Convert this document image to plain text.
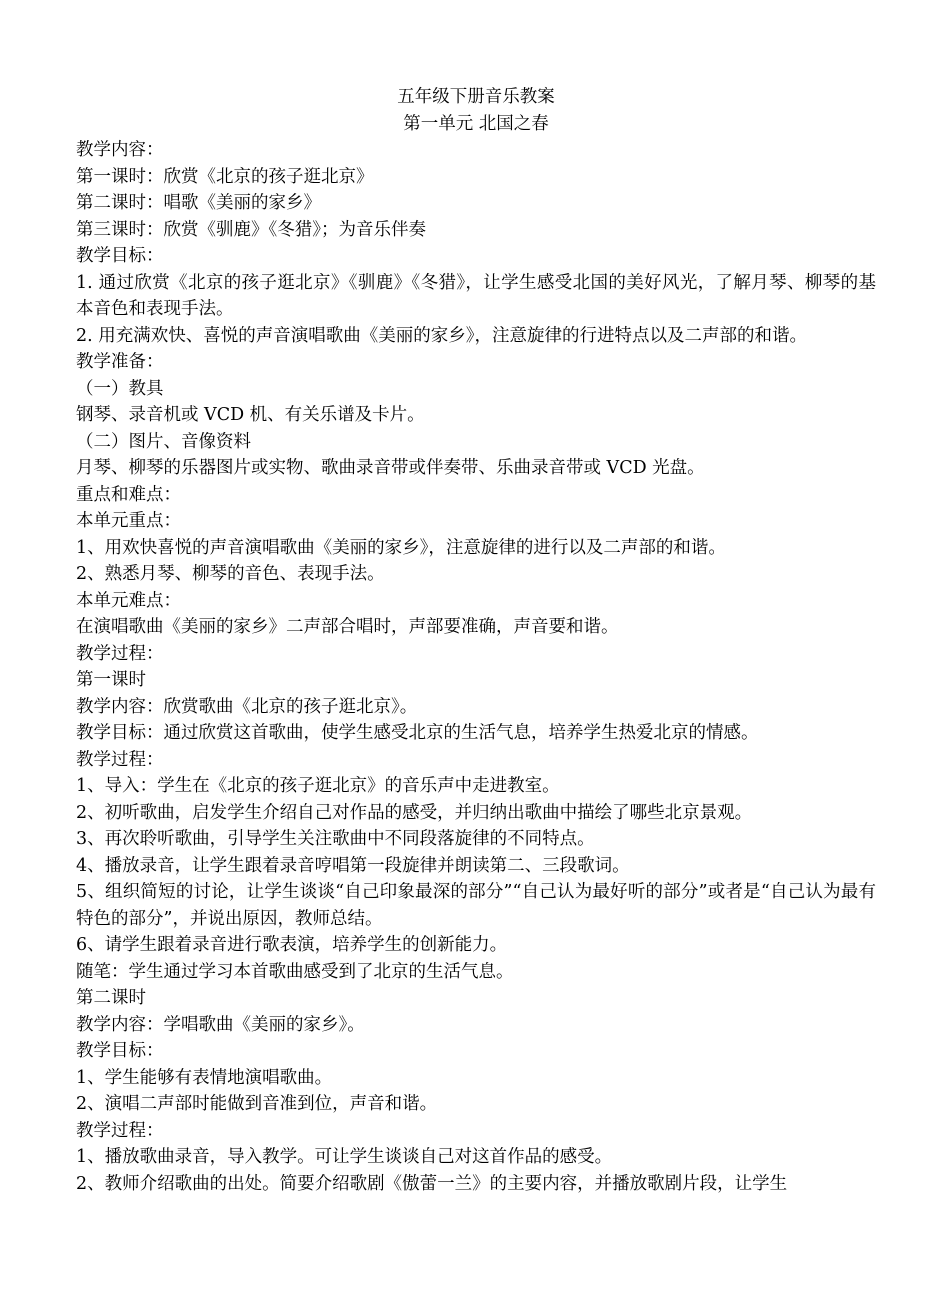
五年级下册音乐教案

第一单元 北国之春

教学内容：

第一课时：欣赏《北京的孩子逛北京》

第二课时：唱歌《美丽的家乡》

第三课时：欣赏《驯鹿》《冬猎》；为音乐伴奏

教学目标：

1. 通过欣赏《北京的孩子逛北京》《驯鹿》《冬猎》，让学生感受北国的美好风光，了解月琴、柳琴的基本音色和表现手法。

2. 用充满欢快、喜悦的声音演唱歌曲《美丽的家乡》，注意旋律的行进特点以及二声部的和谐。

教学准备：

（一）教具

钢琴、录音机或 VCD 机、有关乐谱及卡片。

（二）图片、音像资料

月琴、柳琴的乐器图片或实物、歌曲录音带或伴奏带、乐曲录音带或 VCD 光盘。

重点和难点：

本单元重点：

1、用欢快喜悦的声音演唱歌曲《美丽的家乡》，注意旋律的进行以及二声部的和谐。

2、熟悉月琴、柳琴的音色、表现手法。

本单元难点：

在演唱歌曲《美丽的家乡》二声部合唱时，声部要准确，声音要和谐。

教学过程：

第一课时

教学内容：欣赏歌曲《北京的孩子逛北京》。

教学目标：通过欣赏这首歌曲，使学生感受北京的生活气息，培养学生热爱北京的情感。

教学过程：

1、导入：学生在《北京的孩子逛北京》的音乐声中走进教室。

2、初听歌曲，启发学生介绍自己对作品的感受，并归纳出歌曲中描绘了哪些北京景观。

3、再次聆听歌曲，引导学生关注歌曲中不同段落旋律的不同特点。

4、播放录音，让学生跟着录音哼唱第一段旋律并朗读第二、三段歌词。

5、组织简短的讨论，让学生谈谈“自己印象最深的部分”“自己认为最好听的部分”或者是“自己认为最有特色的部分”，并说出原因，教师总结。

6、请学生跟着录音进行歌表演，培养学生的创新能力。

随笔：学生通过学习本首歌曲感受到了北京的生活气息。

第二课时

教学内容：学唱歌曲《美丽的家乡》。

教学目标：

1、学生能够有表情地演唱歌曲。

2、演唱二声部时能做到音准到位，声音和谐。

教学过程：

1、播放歌曲录音，导入教学。可让学生谈谈自己对这首作品的感受。

2、教师介绍歌曲的出处。简要介绍歌剧《傲蕾一兰》的主要内容，并播放歌剧片段，让学生
